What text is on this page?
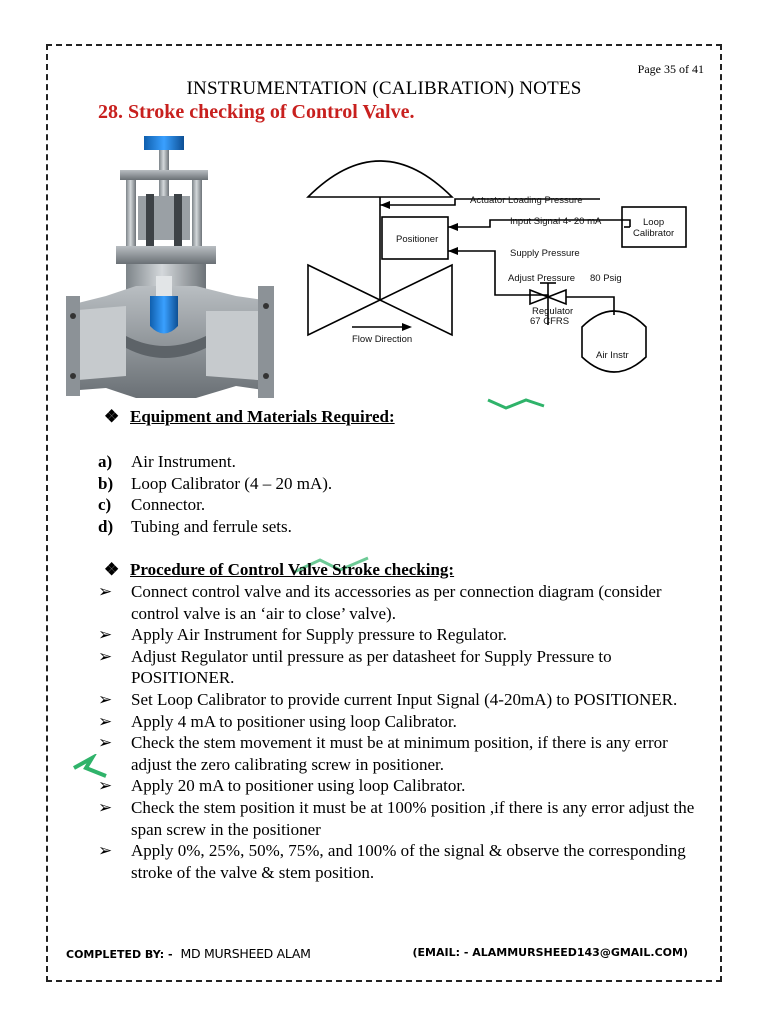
Page 35 of 41
INSTRUMENTATION (CALIBRATION) NOTES
28. Stroke checking of Control Valve.
Actuator Loading Pressure
Input Signal 4- 20 mA
Positioner
Loop
Calibrator
Supply Pressure
Adjust Pressure 80 Psig
Regulator
67 CFRS
Flow Direction
Air Instr
❖ Equipment and Materials Required:
a)	Air Instrument.
b)	Loop Calibrator (4 – 20 mA).
c)	Connector.
d)	Tubing and ferrule sets.
❖ Procedure of Control Valve Stroke checking:
➢	Connect control valve and its accessories as per connection diagram (consider control valve is an ‘air to close’ valve).
➢	Apply Air Instrument for Supply pressure to Regulator.
➢	Adjust Regulator until pressure as per datasheet for Supply Pressure to POSITIONER.
➢	Set Loop Calibrator to provide current Input Signal (4-20mA) to POSITIONER.
➢	Apply 4 mA to positioner using loop Calibrator.
➢	Check the stem movement it must be at minimum position, if there is any error adjust the zero calibrating screw in positioner.
➢	Apply 20 mA to positioner using loop Calibrator.
➢	Check the stem position it must be at 100% position ,if there is any error adjust the span screw in the positioner
➢	Apply 0%, 25%, 50%, 75%, and 100% of the signal & observe the corresponding stroke of the valve & stem position.
COMPLETED BY: - MD MURSHEED ALAM	(EMAIL: - ALAMMURSHEED143@GMAIL.COM)
